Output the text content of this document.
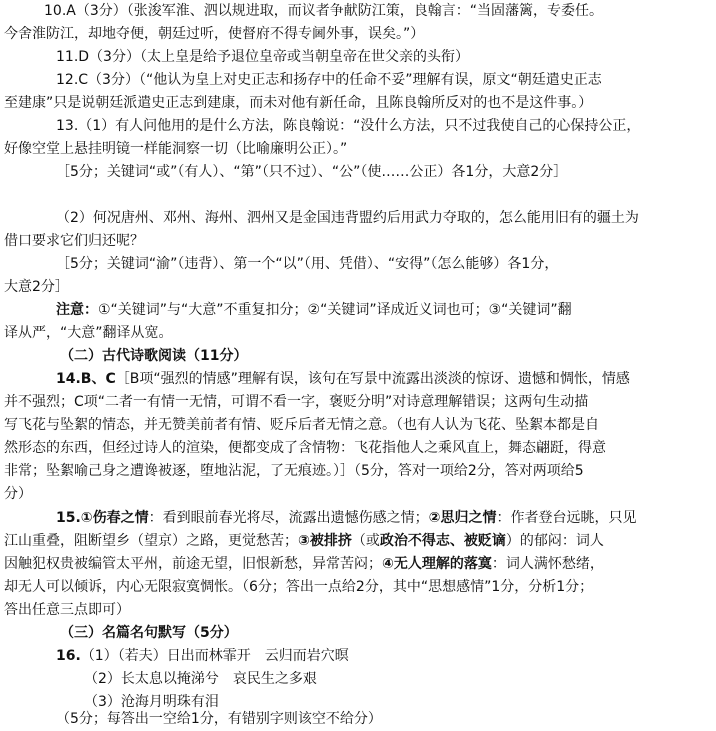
10.A（3分）（张浚军淮、泗以规进取，而议者争献防江策，良翰言：“当固藩篱，专委任。
今舍淮防江，却地夺便，朝廷过听，使督府不得专阃外事，误矣。”）
11.D（3分）（太上皇是给予退位皇帝或当朝皇帝在世父亲的头衔）
12.C（3分）（“他认为皇上对史正志和扬存中的任命不妥”理解有误，原文“朝廷遣史正志
至建康”只是说朝廷派遣史正志到建康，而未对他有新任命，且陈良翰所反对的也不是这件事。）
13.（1）有人问他用的是什么方法，陈良翰说：“没什么方法，只不过我使自己的心保持公正，
好像空堂上悬挂明镜一样能洞察一切（比喻廉明公正）。”
［5分；关键词“或”（有人）、“第”（只不过）、“公”（使……公正）各1分，大意2分］
（2）何况唐州、邓州、海州、泗州又是金国违背盟约后用武力夺取的，怎么能用旧有的疆土为
借口要求它们归还呢？
［5分；关键词“渝”（违背）、第一个“以”（用、凭借）、“安得”（怎么能够）各1分，
大意2分］
注意：①“关键词”与“大意”不重复扣分；②“关键词”译成近义词也可；③“关键词”翻
译从严，“大意”翻译从宽。
（二）古代诗歌阅读（11分）
14.B、C［B项“强烈的情感”理解有误，该句在写景中流露出淡淡的惊讶、遗憾和惆怅，情感
并不强烈；C项“二者一有情一无情，可谓不看一字，褒贬分明”对诗意理解错误；这两句生动描
写飞花与坠絮的情态，并无赞美前者有情、贬斥后者无情之意。（也有人认为飞花、坠絮本都是自
然形态的东西，但经过诗人的渲染，便都变成了含情物：飞花指他人之乘风直上，舞态翩跹，得意
非常；坠絮喻己身之遭谗被逐，堕地沾泥，了无痕迹。）］（5分，答对一项给2分，答对两项给5
分）
15.①伤春之情：看到眼前春光将尽，流露出遗憾伤感之情；②思归之情：作者登台远眺，只见
江山重叠，阻断望乡（望京）之路，更觉愁苦；③被排挤（或政治不得志、被贬谪）的郁闷：词人
因触犯权贵被编管太平州，前途无望，旧恨新愁，异常苦闷；④无人理解的落寞：词人满怀愁绪，
却无人可以倾诉，内心无限寂寞惆怅。（6分；答出一点给2分，其中“思想感情”1分，分析1分；
答出任意三点即可）
（三）名篇名句默写（5分）
16.（1）（若夫）日出而林霏开　云归而岩穴暝
（2）长太息以掩涕兮　哀民生之多艰
（3）沧海月明珠有泪
（5分；每答出一空给1分，有错别字则该空不给分）
